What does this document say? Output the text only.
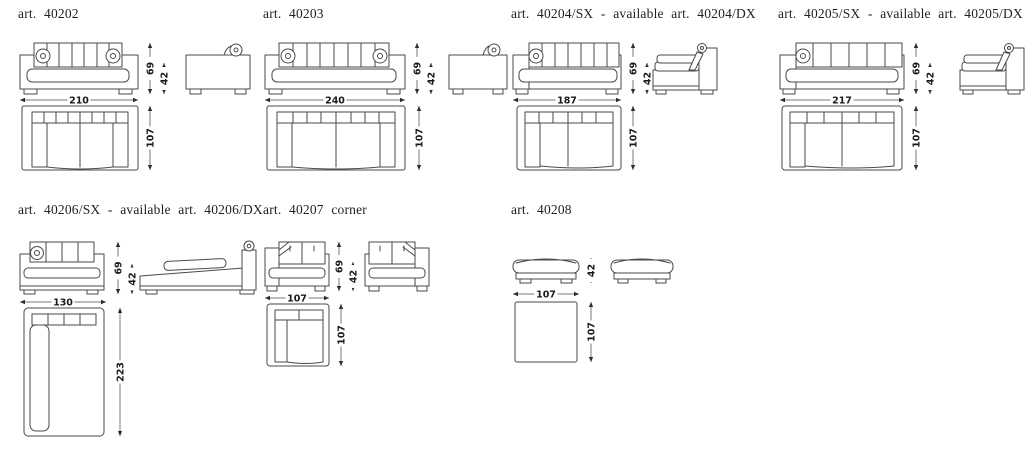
art. 40202
69
42
210
107
art. 40203
69
42
240
107
art. 40204/SX - available art. 40204/DX
69
42
187
107
art. 40205/SX - available art. 40205/DX
69
42
217
107
art. 40206/SX - available art. 40206/DX
69
42
130
223
art. 40207 corner
69
42
107
107
art. 40208
42
107
107
